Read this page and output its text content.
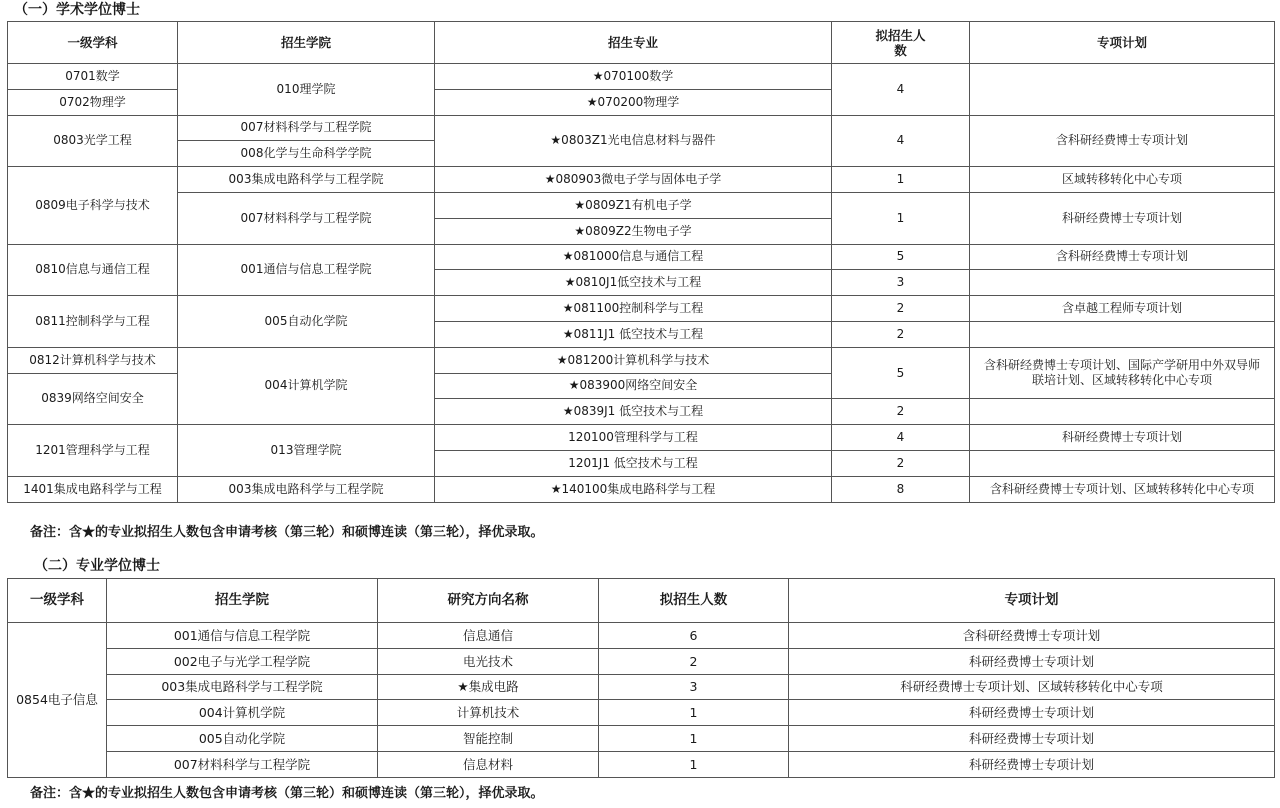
（一）学术学位博士
一级学科	招生学院	招生专业	拟招生人数	专项计划
0701数学	010理学院	★070100数学	4	
0702物理学		★070200物理学		
0803光学工程	007材料科学与工程学院	★0803Z1光电信息材料与器件	4	含科研经费博士专项计划
	008化学与生命科学学院			
0809电子科学与技术	003集成电路科学与工程学院	★080903微电子学与固体电子学	1	区域转移转化中心专项
	007材料科学与工程学院	★0809Z1有机电子学	1	科研经费博士专项计划
		★0809Z2生物电子学		
0810信息与通信工程	001通信与信息工程学院	★081000信息与通信工程	5	含科研经费博士专项计划
		★0810J1低空技术与工程	3	
0811控制科学与工程	005自动化学院	★081100控制科学与工程	2	含卓越工程师专项计划
		★0811J1 低空技术与工程	2	
0812计算机科学与技术	004计算机学院	★081200计算机科学与技术	5	含科研经费博士专项计划、国际产学研用中外双导师联培计划、区域转移转化中心专项
0839网络空间安全		★083900网络空间安全		
		★0839J1 低空技术与工程	2	
1201管理科学与工程	013管理学院	120100管理科学与工程	4	科研经费博士专项计划
		1201J1 低空技术与工程	2	
1401集成电路科学与工程	003集成电路科学与工程学院	★140100集成电路科学与工程	8	含科研经费博士专项计划、区域转移转化中心专项
备注：含★的专业拟招生人数包含申请考核（第三轮）和硕博连读（第三轮），择优录取。
（二）专业学位博士
一级学科	招生学院	研究方向名称	拟招生人数	专项计划
0854电子信息	001通信与信息工程学院	信息通信	6	含科研经费博士专项计划
	002电子与光学工程学院	电光技术	2	科研经费博士专项计划
	003集成电路科学与工程学院	★集成电路	3	科研经费博士专项计划、区域转移转化中心专项
	004计算机学院	计算机技术	1	科研经费博士专项计划
	005自动化学院	智能控制	1	科研经费博士专项计划
	007材料科学与工程学院	信息材料	1	科研经费博士专项计划
备注：含★的专业拟招生人数包含申请考核（第三轮）和硕博连读（第三轮），择优录取。
